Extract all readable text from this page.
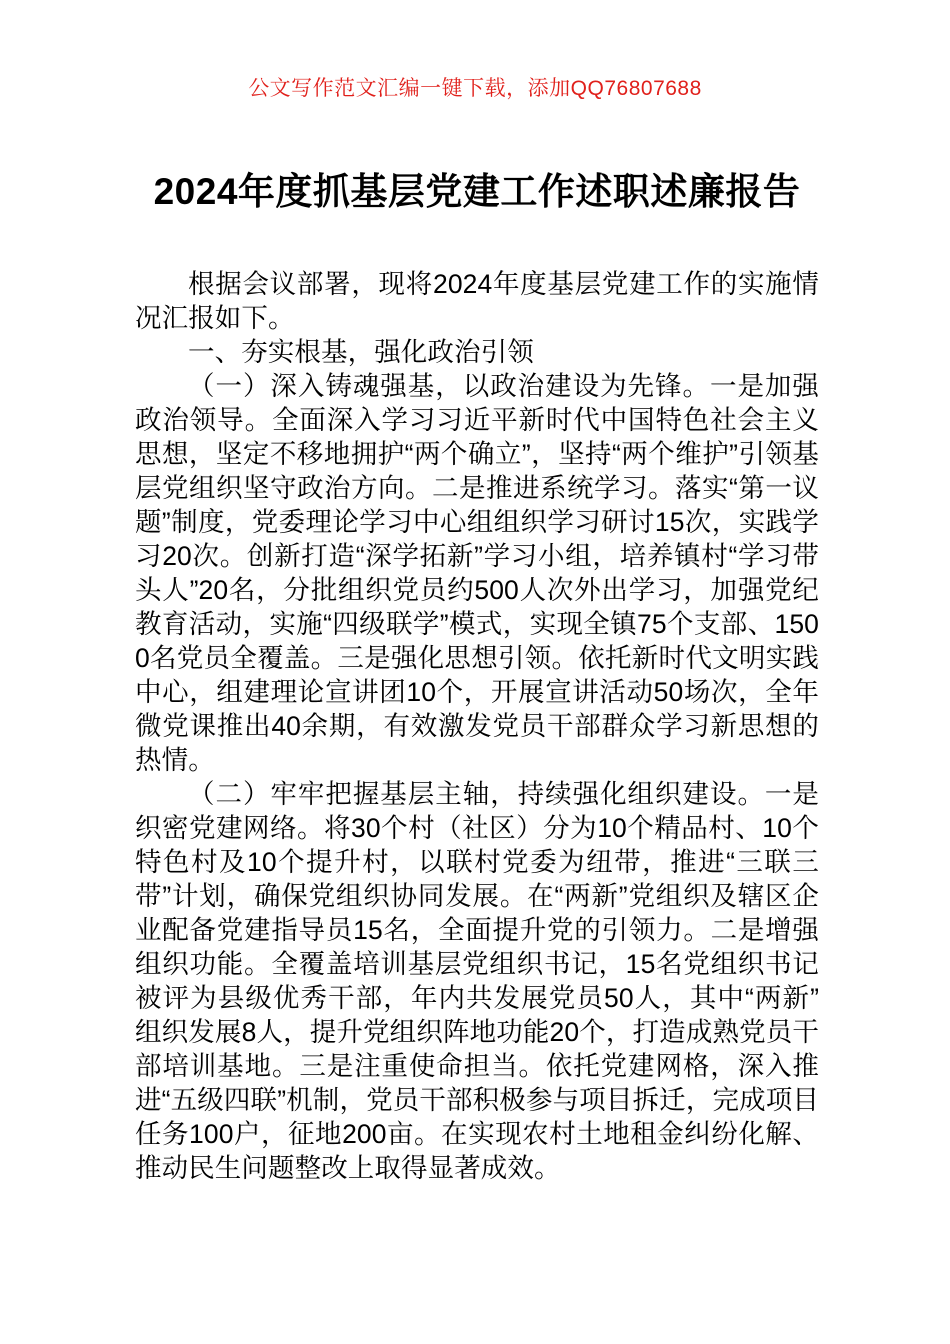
公文写作范文汇编一键下载，添加QQ76807688
2024年度抓基层党建工作述职述廉报告

根据会议部署，现将2024年度基层党建工作的实施情况汇报如下。

一、夯实根基，强化政治引领

（一）深入铸魂强基，以政治建设为先锋。一是加强政治领导。全面深入学习习近平新时代中国特色社会主义思想，坚定不移地拥护“两个确立”，坚持“两个维护”引领基层党组织坚守政治方向。二是推进系统学习。落实“第一议题”制度，党委理论学习中心组组织学习研讨15次，实践学习20次。创新打造“深学拓新”学习小组，培养镇村“学习带头人”20名，分批组织党员约500人次外出学习，加强党纪教育活动，实施“四级联学”模式，实现全镇75个支部、1500名党员全覆盖。三是强化思想引领。依托新时代文明实践中心，组建理论宣讲团10个，开展宣讲活动50场次，全年微党课推出40余期，有效激发党员干部群众学习新思想的热情。

（二）牢牢把握基层主轴，持续强化组织建设。一是织密党建网络。将30个村（社区）分为10个精品村、10个特色村及10个提升村，以联村党委为纽带，推进“三联三带”计划，确保党组织协同发展。在“两新”党组织及辖区企业配备党建指导员15名，全面提升党的引领力。二是增强组织功能。全覆盖培训基层党组织书记，15名党组织书记被评为县级优秀干部，年内共发展党员50人，其中“两新”组织发展8人，提升党组织阵地功能20个，打造成熟党员干部培训基地。三是注重使命担当。依托党建网格，深入推进“五级四联”机制，党员干部积极参与项目拆迁，完成项目任务100户，征地200亩。在实现农村土地租金纠纷化解、推动民生问题整改上取得显著成效。
